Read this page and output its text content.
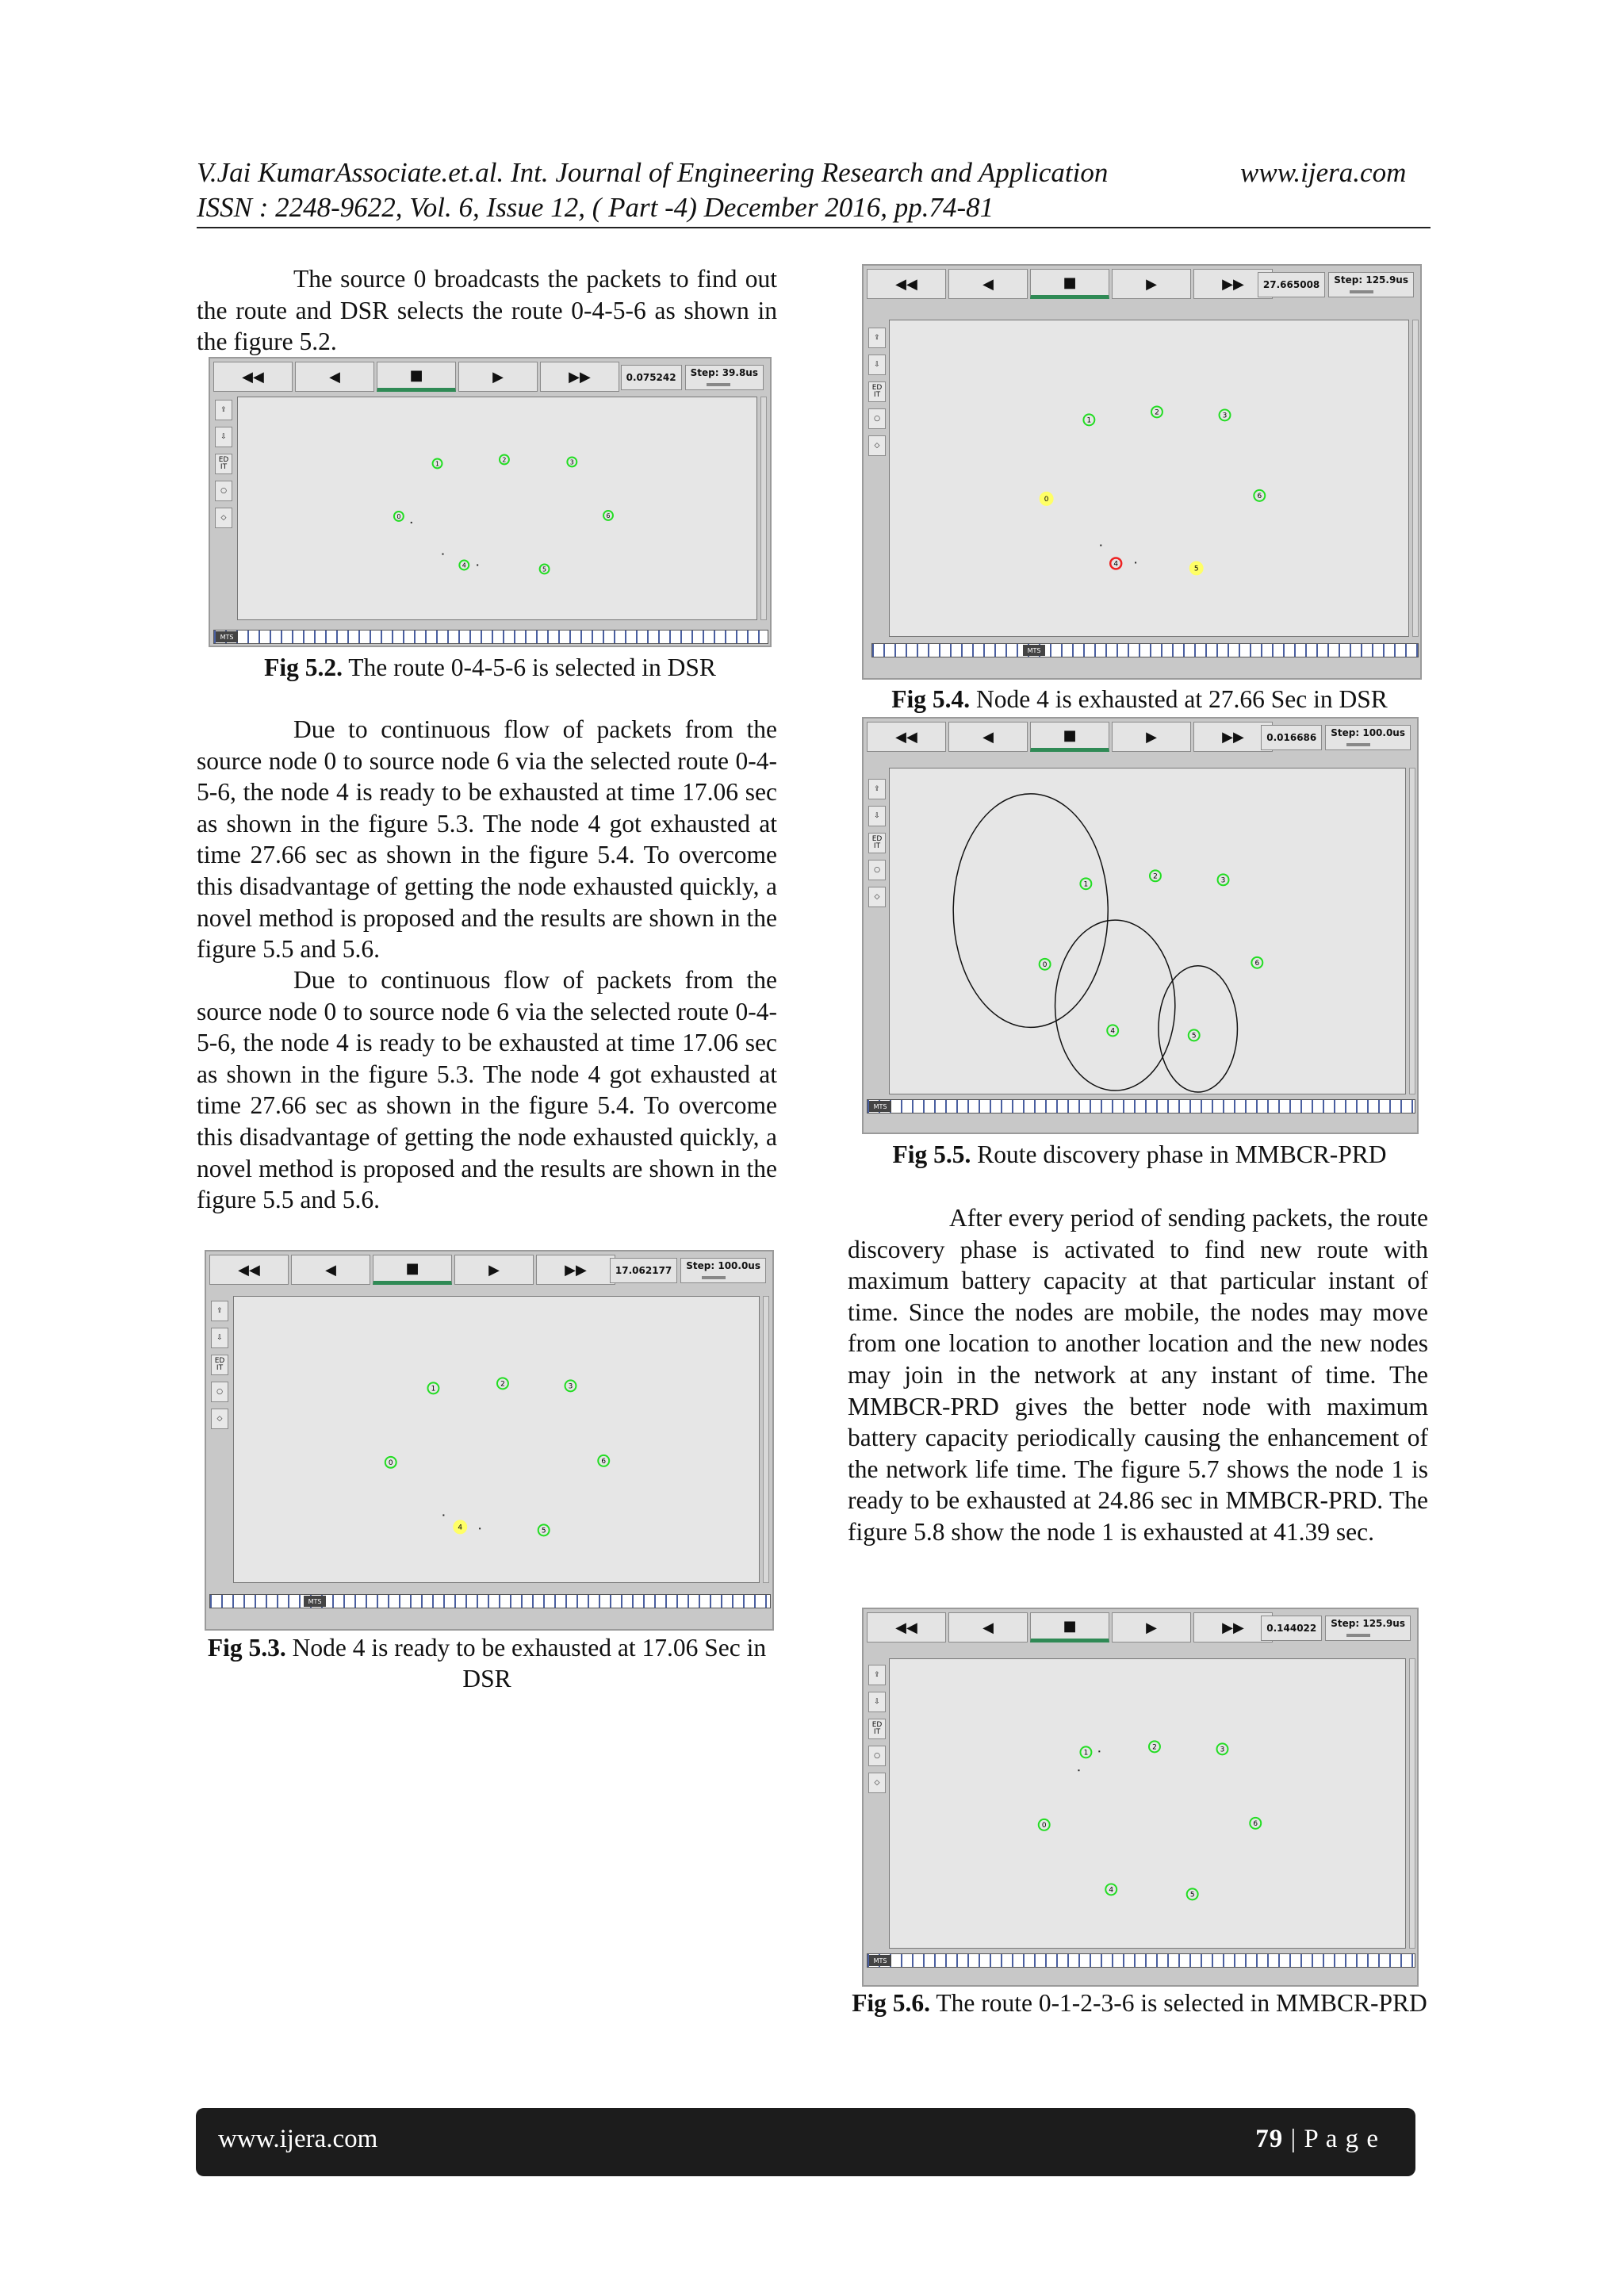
V.Jai KumarAssociate.et.al. Int. Journal of Engineering Research and Application	www.ijera.com
ISSN : 2248-9622, Vol. 6, Issue 12, ( Part -4) December 2016, pp.74-81
The source 0 broadcasts the packets to find out the route and DSR selects the route 0-4-5-6 as shown in the figure 5.2.
◀◀	◀	■	▶	▶▶	0.075242	Step: 39.8us
⇪
⇩
ED IT
○
◇
1
2	3
0	6
4
5
MTS
Fig 5.2. The route 0-4-5-6 is selected in DSR
Due to continuous flow of packets from the source node 0 to source node 6 via the selected route 0-4-5-6, the node 4 is ready to be exhausted at time 17.06 sec as shown in the figure 5.3. The node 4 got exhausted at time 27.66 sec as shown in the figure 5.4. To overcome this disadvantage of getting the node exhausted quickly, a novel method is proposed and the results are shown in the figure 5.5 and 5.6.
Due to continuous flow of packets from the source node 0 to source node 6 via the selected route 0-4-5-6, the node 4 is ready to be exhausted at time 17.06 sec as shown in the figure 5.3. The node 4 got exhausted at time 27.66 sec as shown in the figure 5.4. To overcome this disadvantage of getting the node exhausted quickly, a novel method is proposed and the results are shown in the figure 5.5 and 5.6.
◀◀	◀	■	▶	▶▶	17.062177	Step: 100.0us
⇪
⇩
ED IT
○
◇
1
2	3
0	6
4	5
MTS
Fig 5.3. Node 4 is ready to be exhausted at 17.06 Sec in DSR
◀◀	◀	■	▶	▶▶	27.665008	Step: 125.9us
⇪
⇩
ED IT
○
◇
1
2	3
0	6
4
5
MTS
Fig 5.4. Node 4 is exhausted at 27.66 Sec in DSR
◀◀	◀	■	▶	▶▶	0.016686	Step: 100.0us
⇪
⇩
ED IT
○
◇
1
2	3
0	6
4
5
MTS
Fig 5.5. Route discovery phase in MMBCR-PRD
After every period of sending packets, the route discovery phase is activated to find new route with maximum battery capacity at that particular instant of time. Since the nodes are mobile, the nodes may move from one location to another location and the new nodes may join in the network at any instant of time. The MMBCR-PRD gives the better node with maximum battery capacity periodically causing the enhancement of the network life time. The figure 5.7 shows the node 1 is ready to be exhausted at 24.86 sec in MMBCR-PRD. The figure 5.8 show the node 1 is exhausted at 41.39 sec.
◀◀	◀	■	▶	▶▶	0.144022	Step: 125.9us
⇪
⇩
ED IT
○
◇
1
2	3
0	6
4
5
MTS
Fig 5.6. The route 0-1-2-3-6 is selected in MMBCR-PRD
www.ijera.com	79 | P a g e
